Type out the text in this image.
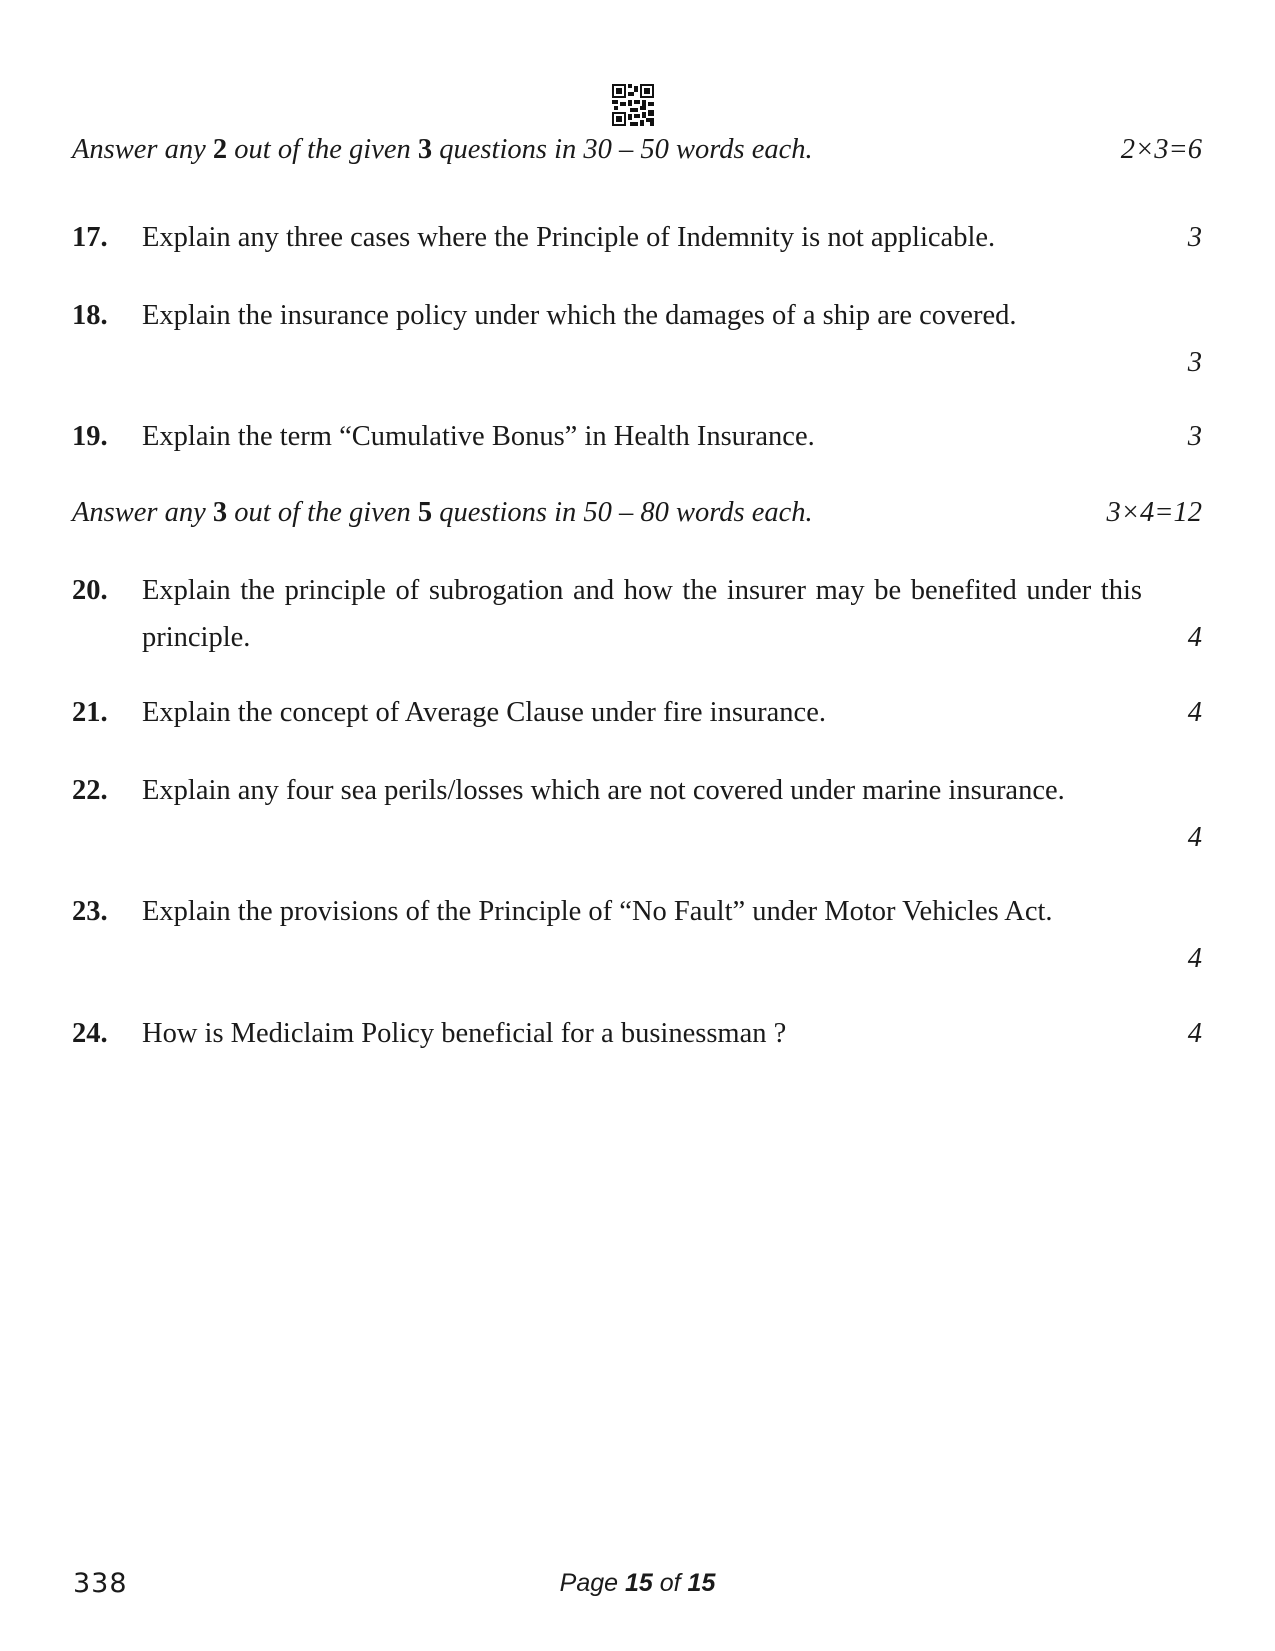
Answer any 2 out of the given 3 questions in 30 – 50 words each.	2×3=6
17. Explain any three cases where the Principle of Indemnity is not applicable.	3
18. Explain the insurance policy under which the damages of a ship are covered.
3
19. Explain the term “Cumulative Bonus” in Health Insurance.	3
Answer any 3 out of the given 5 questions in 50 – 80 words each.	3×4=12
20. Explain the principle of subrogation and how the insurer may be benefited under this principle.	4
21. Explain the concept of Average Clause under fire insurance.	4
22. Explain any four sea perils/losses which are not covered under marine insurance.
4
23. Explain the provisions of the Principle of “No Fault” under Motor Vehicles Act.
4
24. How is Mediclaim Policy beneficial for a businessman ?	4
338	Page 15 of 15
